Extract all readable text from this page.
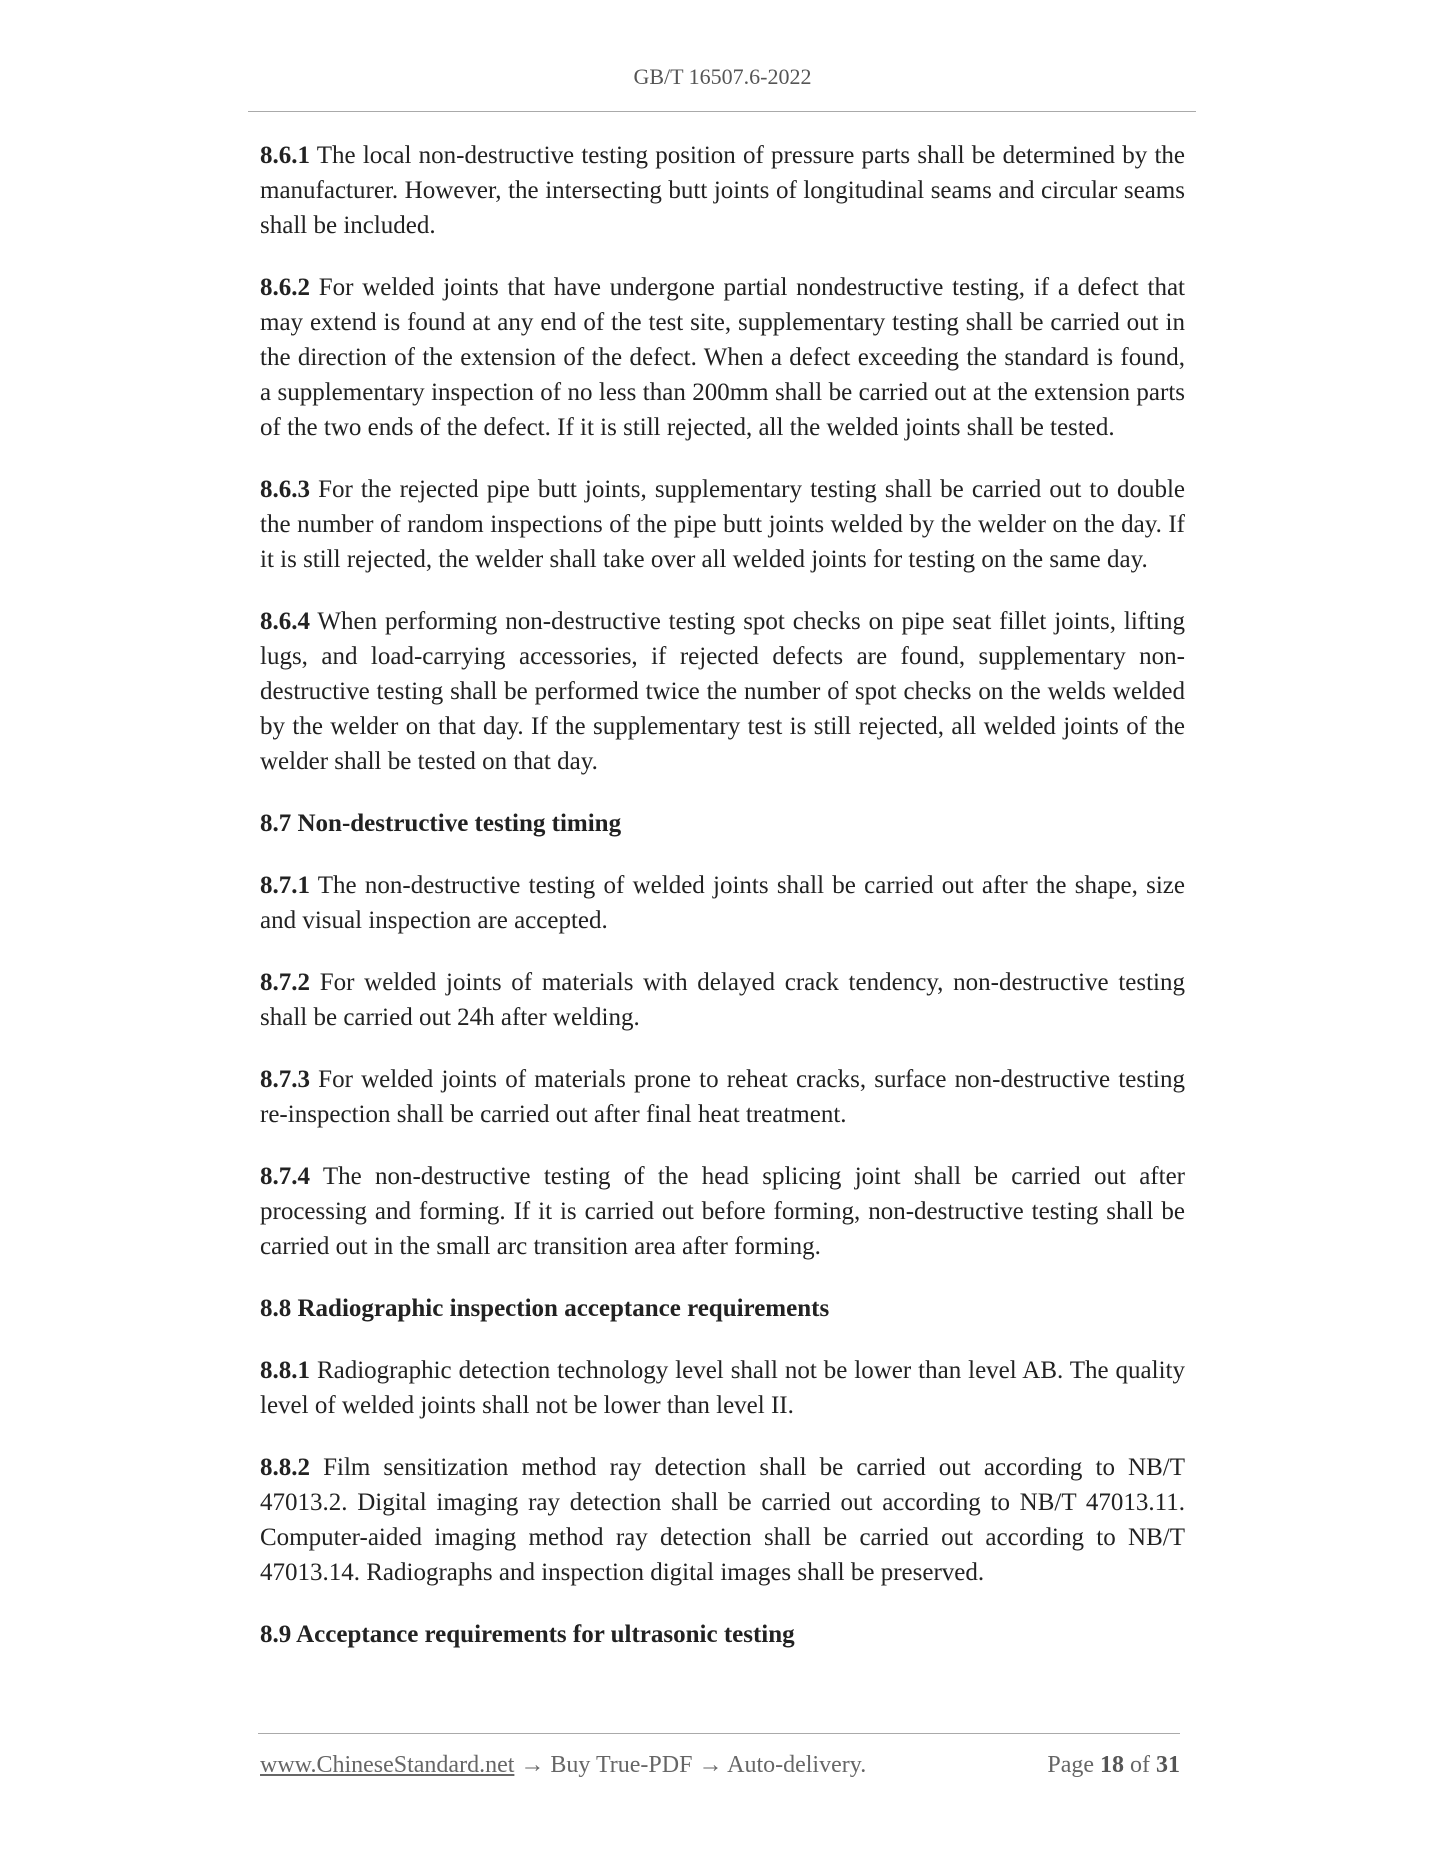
GB/T 16507.6-2022

8.6.1 The local non-destructive testing position of pressure parts shall be determined by the manufacturer. However, the intersecting butt joints of longitudinal seams and circular seams shall be included.

8.6.2 For welded joints that have undergone partial nondestructive testing, if a defect that may extend is found at any end of the test site, supplementary testing shall be carried out in the direction of the extension of the defect. When a defect exceeding the standard is found, a supplementary inspection of no less than 200mm shall be carried out at the extension parts of the two ends of the defect. If it is still rejected, all the welded joints shall be tested.

8.6.3 For the rejected pipe butt joints, supplementary testing shall be carried out to double the number of random inspections of the pipe butt joints welded by the welder on the day. If it is still rejected, the welder shall take over all welded joints for testing on the same day.

8.6.4 When performing non-destructive testing spot checks on pipe seat fillet joints, lifting lugs, and load-carrying accessories, if rejected defects are found, supplementary non-destructive testing shall be performed twice the number of spot checks on the welds welded by the welder on that day. If the supplementary test is still rejected, all welded joints of the welder shall be tested on that day.

8.7 Non-destructive testing timing

8.7.1 The non-destructive testing of welded joints shall be carried out after the shape, size and visual inspection are accepted.

8.7.2 For welded joints of materials with delayed crack tendency, non-destructive testing shall be carried out 24h after welding.

8.7.3 For welded joints of materials prone to reheat cracks, surface non-destructive testing re-inspection shall be carried out after final heat treatment.

8.7.4 The non-destructive testing of the head splicing joint shall be carried out after processing and forming. If it is carried out before forming, non-destructive testing shall be carried out in the small arc transition area after forming.

8.8 Radiographic inspection acceptance requirements

8.8.1 Radiographic detection technology level shall not be lower than level AB. The quality level of welded joints shall not be lower than level II.

8.8.2 Film sensitization method ray detection shall be carried out according to NB/T 47013.2. Digital imaging ray detection shall be carried out according to NB/T 47013.11. Computer-aided imaging method ray detection shall be carried out according to NB/T 47013.14. Radiographs and inspection digital images shall be preserved.

8.9 Acceptance requirements for ultrasonic testing

www.ChineseStandard.net → Buy True-PDF → Auto-delivery.	Page 18 of 31
